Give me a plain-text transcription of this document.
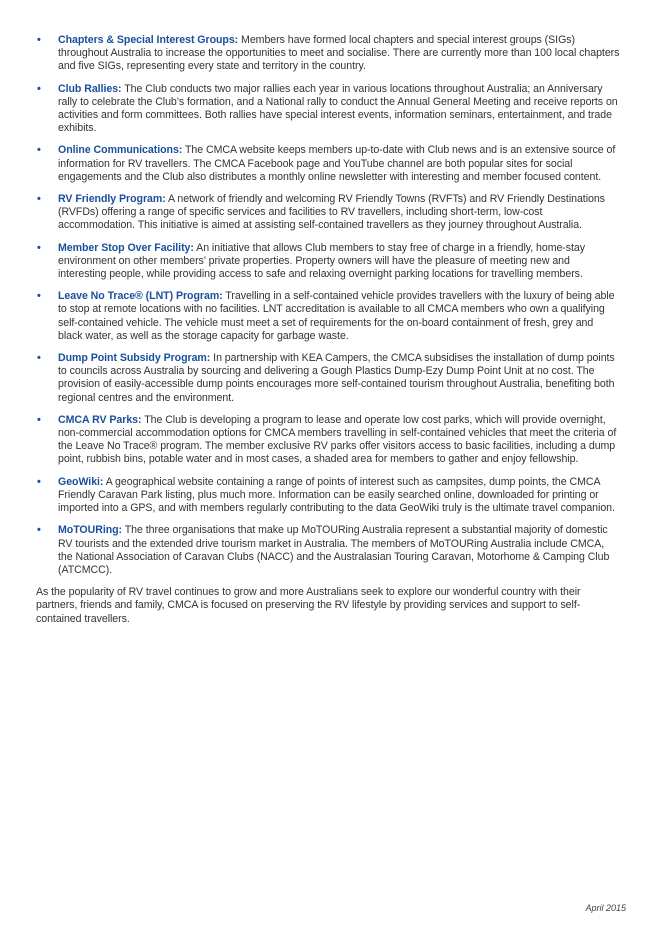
• Chapters & Special Interest Groups: Members have formed local chapters and special interest groups (SIGs) throughout Australia to increase the opportunities to meet and socialise. There are currently more than 100 local chapters and five SIGs, representing every state and territory in the country.
• Club Rallies: The Club conducts two major rallies each year in various locations throughout Australia; an Anniversary rally to celebrate the Club’s formation, and a National rally to conduct the Annual General Meeting and receive reports on activities and form committees. Both rallies have special interest events, information seminars, entertainment, and trade exhibits.
• Online Communications: The CMCA website keeps members up-to-date with Club news and is an extensive source of information for RV travellers. The CMCA Facebook page and YouTube channel are both popular sites for social engagements and the Club also distributes a monthly online newsletter with interesting and member focused content.
• RV Friendly Program: A network of friendly and welcoming RV Friendly Towns (RVFTs) and RV Friendly Destinations (RVFDs) offering a range of specific services and facilities to RV travellers, including short-term, low-cost accommodation. This initiative is aimed at assisting self-contained travellers as they journey throughout Australia.
• Member Stop Over Facility: An initiative that allows Club members to stay free of charge in a friendly, home-stay environment on other members’ private properties. Property owners will have the pleasure of meeting new and interesting people, while providing access to safe and relaxing overnight parking locations for travelling members.
• Leave No Trace® (LNT) Program: Travelling in a self-contained vehicle provides travellers with the luxury of being able to stop at remote locations with no facilities. LNT accreditation is available to all CMCA members who own a qualifying self-contained vehicle. The vehicle must meet a set of requirements for the on-board containment of fresh, grey and black water, as well as the storage capacity for garbage waste.
• Dump Point Subsidy Program: In partnership with KEA Campers, the CMCA subsidises the installation of dump points to councils across Australia by sourcing and delivering a Gough Plastics Dump-Ezy Dump Point Unit at no cost. The provision of easily-accessible dump points encourages more self-contained tourism throughout Australia, benefiting both regional centres and the environment.
• CMCA RV Parks: The Club is developing a program to lease and operate low cost parks, which will provide overnight, non-commercial accommodation options for CMCA members travelling in self-contained vehicles that meet the criteria of the Leave No Trace® program. The member exclusive RV parks offer visitors access to basic facilities, including a dump point, rubbish bins, potable water and in most cases, a shaded area for members to gather and enjoy fellowship.
• GeoWiki: A geographical website containing a range of points of interest such as campsites, dump points, the CMCA Friendly Caravan Park listing, plus much more. Information can be easily searched online, downloaded for printing or imported into a GPS, and with members regularly contributing to the data GeoWiki truly is the ultimate travel companion.
• MoTOURing: The three organisations that make up MoTOURing Australia represent a substantial majority of domestic RV tourists and the extended drive tourism market in Australia. The members of MoTOURing Australia include CMCA, the National Association of Caravan Clubs (NACC) and the Australasian Touring Caravan, Motorhome & Camping Club (ATCMCC).

As the popularity of RV travel continues to grow and more Australians seek to explore our wonderful country with their partners, friends and family, CMCA is focused on preserving the RV lifestyle by providing services and support to self-contained travellers.

April 2015
